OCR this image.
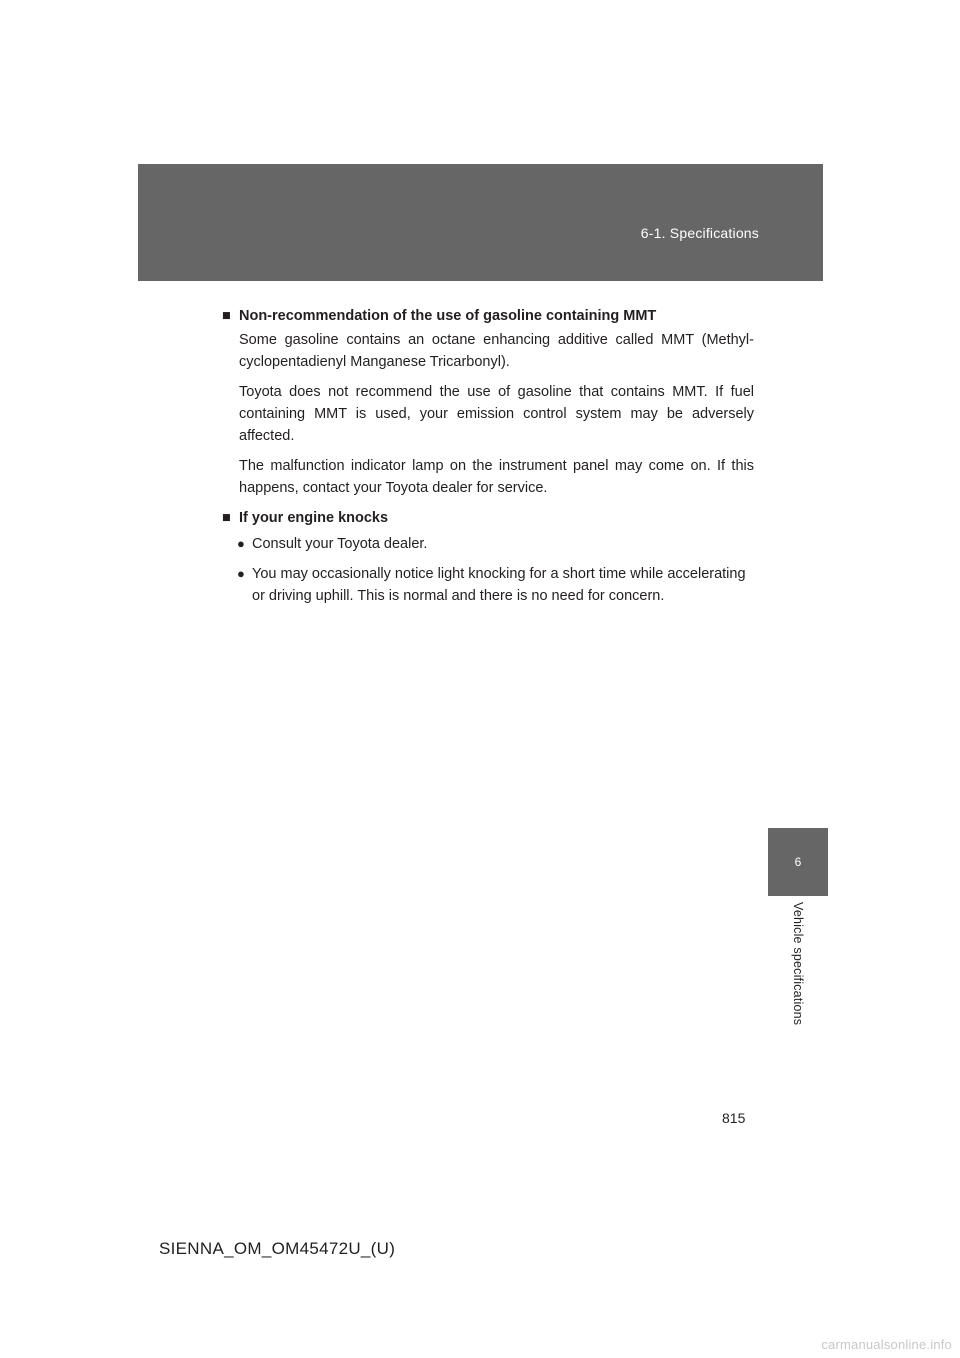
6-1. Specifications
6
Vehicle specifications
■ Non-recommendation of the use of gasoline containing MMT

Some gasoline contains an octane enhancing additive called MMT (Methyl-cyclopentadienyl Manganese Tricarbonyl).

Toyota does not recommend the use of gasoline that contains MMT. If fuel containing MMT is used, your emission control system may be adversely affected.

The malfunction indicator lamp on the instrument panel may come on. If this happens, contact your Toyota dealer for service.

■ If your engine knocks
● Consult your Toyota dealer.
● You may occasionally notice light knocking for a short time while accelerating or driving uphill. This is normal and there is no need for concern.
815
SIENNA_OM_OM45472U_(U)
carmanualsonline.info
